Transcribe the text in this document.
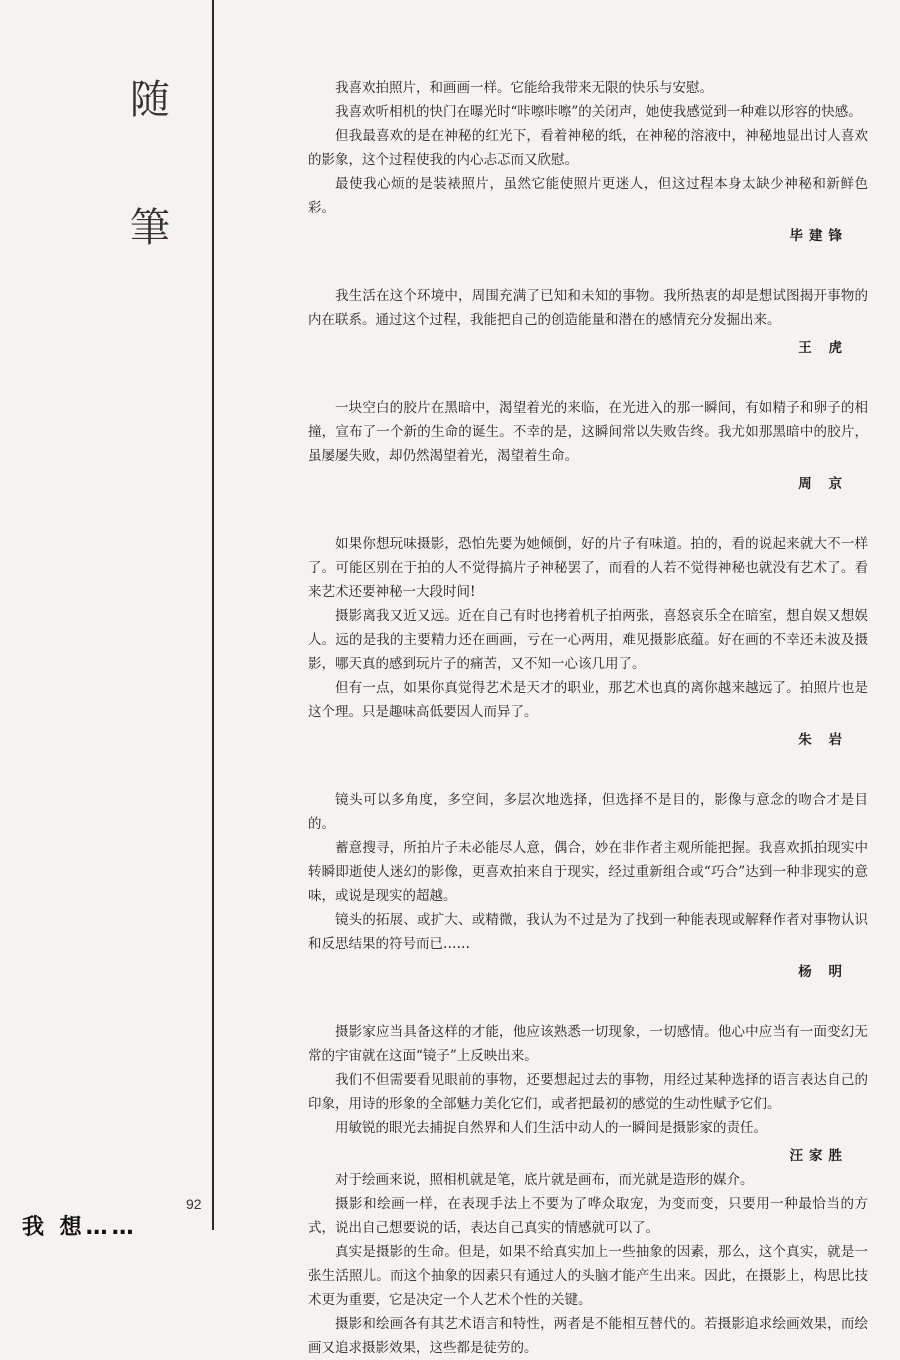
随
筆
92
我 想……

我喜欢拍照片，和画画一样。它能给我带来无限的快乐与安慰。

我喜欢听相机的快门在曝光时“咔嚓咔嚓”的关闭声，她使我感觉到一种难以形容的快感。

但我最喜欢的是在神秘的红光下，看着神秘的纸，在神秘的溶液中，神秘地显出讨人喜欢的影象，这个过程使我的内心忐忑而又欣慰。

最使我心烦的是装裱照片，虽然它能使照片更迷人，但这过程本身太缺少神秘和新鲜色彩。

毕建锋

我生活在这个环境中，周围充满了已知和未知的事物。我所热衷的却是想试图揭开事物的内在联系。通过这个过程，我能把自己的创造能量和潜在的感情充分发掘出来。

王 虎

一块空白的胶片在黑暗中，渴望着光的来临，在光进入的那一瞬间，有如精子和卵子的相撞，宣布了一个新的生命的诞生。不幸的是，这瞬间常以失败告终。我尤如那黑暗中的胶片，虽屡屡失败，却仍然渴望着光，渴望着生命。

周 京

如果你想玩味摄影，恐怕先要为她倾倒，好的片子有味道。拍的，看的说起来就大不一样了。可能区别在于拍的人不觉得搞片子神秘罢了，而看的人若不觉得神秘也就没有艺术了。看来艺术还要神秘一大段时间!

摄影离我又近又远。近在自己有时也拷着机子拍两张，喜怒哀乐全在暗室，想自娱又想娱人。远的是我的主要精力还在画画，亏在一心两用，难见摄影底蕴。好在画的不幸还未波及摄影，哪天真的感到玩片子的痛苦，又不知一心该几用了。

但有一点，如果你真觉得艺术是天才的职业，那艺术也真的离你越来越远了。拍照片也是这个理。只是趣味高低要因人而异了。

朱 岩

镜头可以多角度，多空间，多层次地选择，但选择不是目的，影像与意念的吻合才是目的。

蓄意搜寻，所拍片子未必能尽人意，偶合，妙在非作者主观所能把握。我喜欢抓拍现实中转瞬即逝使人迷幻的影像，更喜欢拍来自于现实，经过重新组合或“巧合”达到一种非现实的意味，或说是现实的超越。

镜头的拓展、或扩大、或精微，我认为不过是为了找到一种能表现或解释作者对事物认识和反思结果的符号而已……

杨 明

摄影家应当具备这样的才能，他应该熟悉一切现象，一切感情。他心中应当有一面变幻无常的宇宙就在这面“镜子”上反映出来。

我们不但需要看见眼前的事物，还要想起过去的事物，用经过某种选择的语言表达自己的印象，用诗的形象的全部魅力美化它们，或者把最初的感觉的生动性赋予它们。

用敏锐的眼光去捕捉自然界和人们生活中动人的一瞬间是摄影家的责任。

汪家胜

对于绘画来说，照相机就是笔，底片就是画布，而光就是造形的媒介。

摄影和绘画一样，在表现手法上不要为了哗众取宠，为变而变，只要用一种最恰当的方式，说出自己想要说的话，表达自己真实的情感就可以了。

真实是摄影的生命。但是，如果不给真实加上一些抽象的因素，那么，这个真实，就是一张生活照儿。而这个抽象的因素只有通过人的头脑才能产生出来。因此，在摄影上，构思比技术更为重要，它是决定一个人艺术个性的关键。

摄影和绘画各有其艺术语言和特性，两者是不能相互替代的。若摄影追求绘画效果，而绘画又追求摄影效果，这些都是徒劳的。
